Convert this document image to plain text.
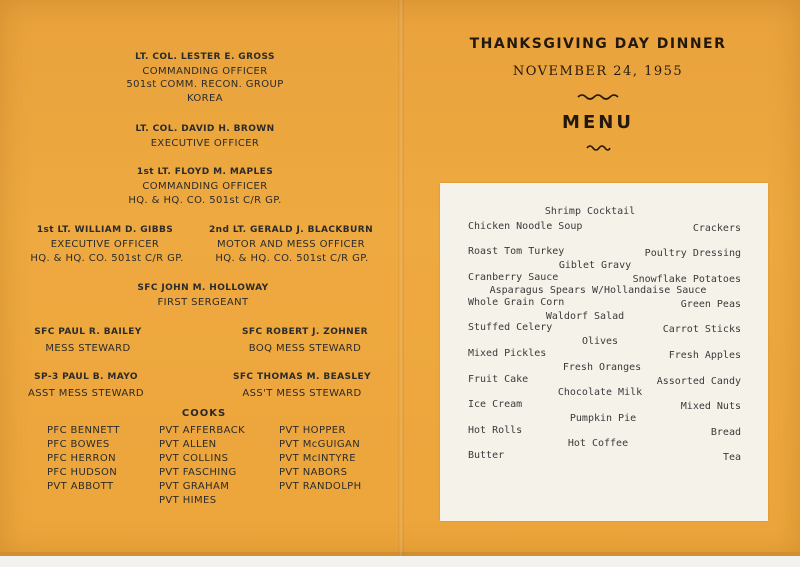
LT. COL. LESTER E. GROSS
COMMANDING OFFICER
501st COMM. RECON. GROUP
KOREA
LT. COL. DAVID H. BROWN
EXECUTIVE OFFICER
1st LT. FLOYD M. MAPLES
COMMANDING OFFICER
HQ. & HQ. CO. 501st C/R GP.
1st LT. WILLIAM D. GIBBS
EXECUTIVE OFFICER
HQ. & HQ. CO. 501st C/R GP.
2nd LT. GERALD J. BLACKBURN
MOTOR AND MESS OFFICER
HQ. & HQ. CO. 501st C/R GP.
SFC JOHN M. HOLLOWAY
FIRST SERGEANT
SFC PAUL R. BAILEY
MESS STEWARD
SFC ROBERT J. ZOHNER
BOQ MESS STEWARD
SP-3 PAUL B. MAYO
ASST MESS STEWARD
SFC THOMAS M. BEASLEY
ASS'T MESS STEWARD
COOKS
PFC BENNETT
PFC BOWES
PFC HERRON
PFC HUDSON
PVT ABBOTT
PVT AFFERBACK
PVT ALLEN
PVT COLLINS
PVT FASCHING
PVT GRAHAM
PVT HIMES
PVT HOPPER
PVT McGUIGAN
PVT McINTYRE
PVT NABORS
PVT RANDOLPH
THANKSGIVING DAY DINNER
NOVEMBER 24, 1955
MENU
Shrimp Cocktail
Chicken Noodle Soup	Crackers
Roast Tom Turkey	Poultry Dressing
Giblet Gravy
Cranberry Sauce	Snowflake Potatoes
Asparagus Spears W/Hollandaise Sauce
Whole Grain Corn	Green Peas
Waldorf Salad
Stuffed Celery	Carrot Sticks
Olives
Mixed Pickles	Fresh Apples
Fresh Oranges
Fruit Cake	Assorted Candy
Chocolate Milk
Ice Cream	Mixed Nuts
Pumpkin Pie
Hot Rolls	Bread
Hot Coffee
Butter	Tea
